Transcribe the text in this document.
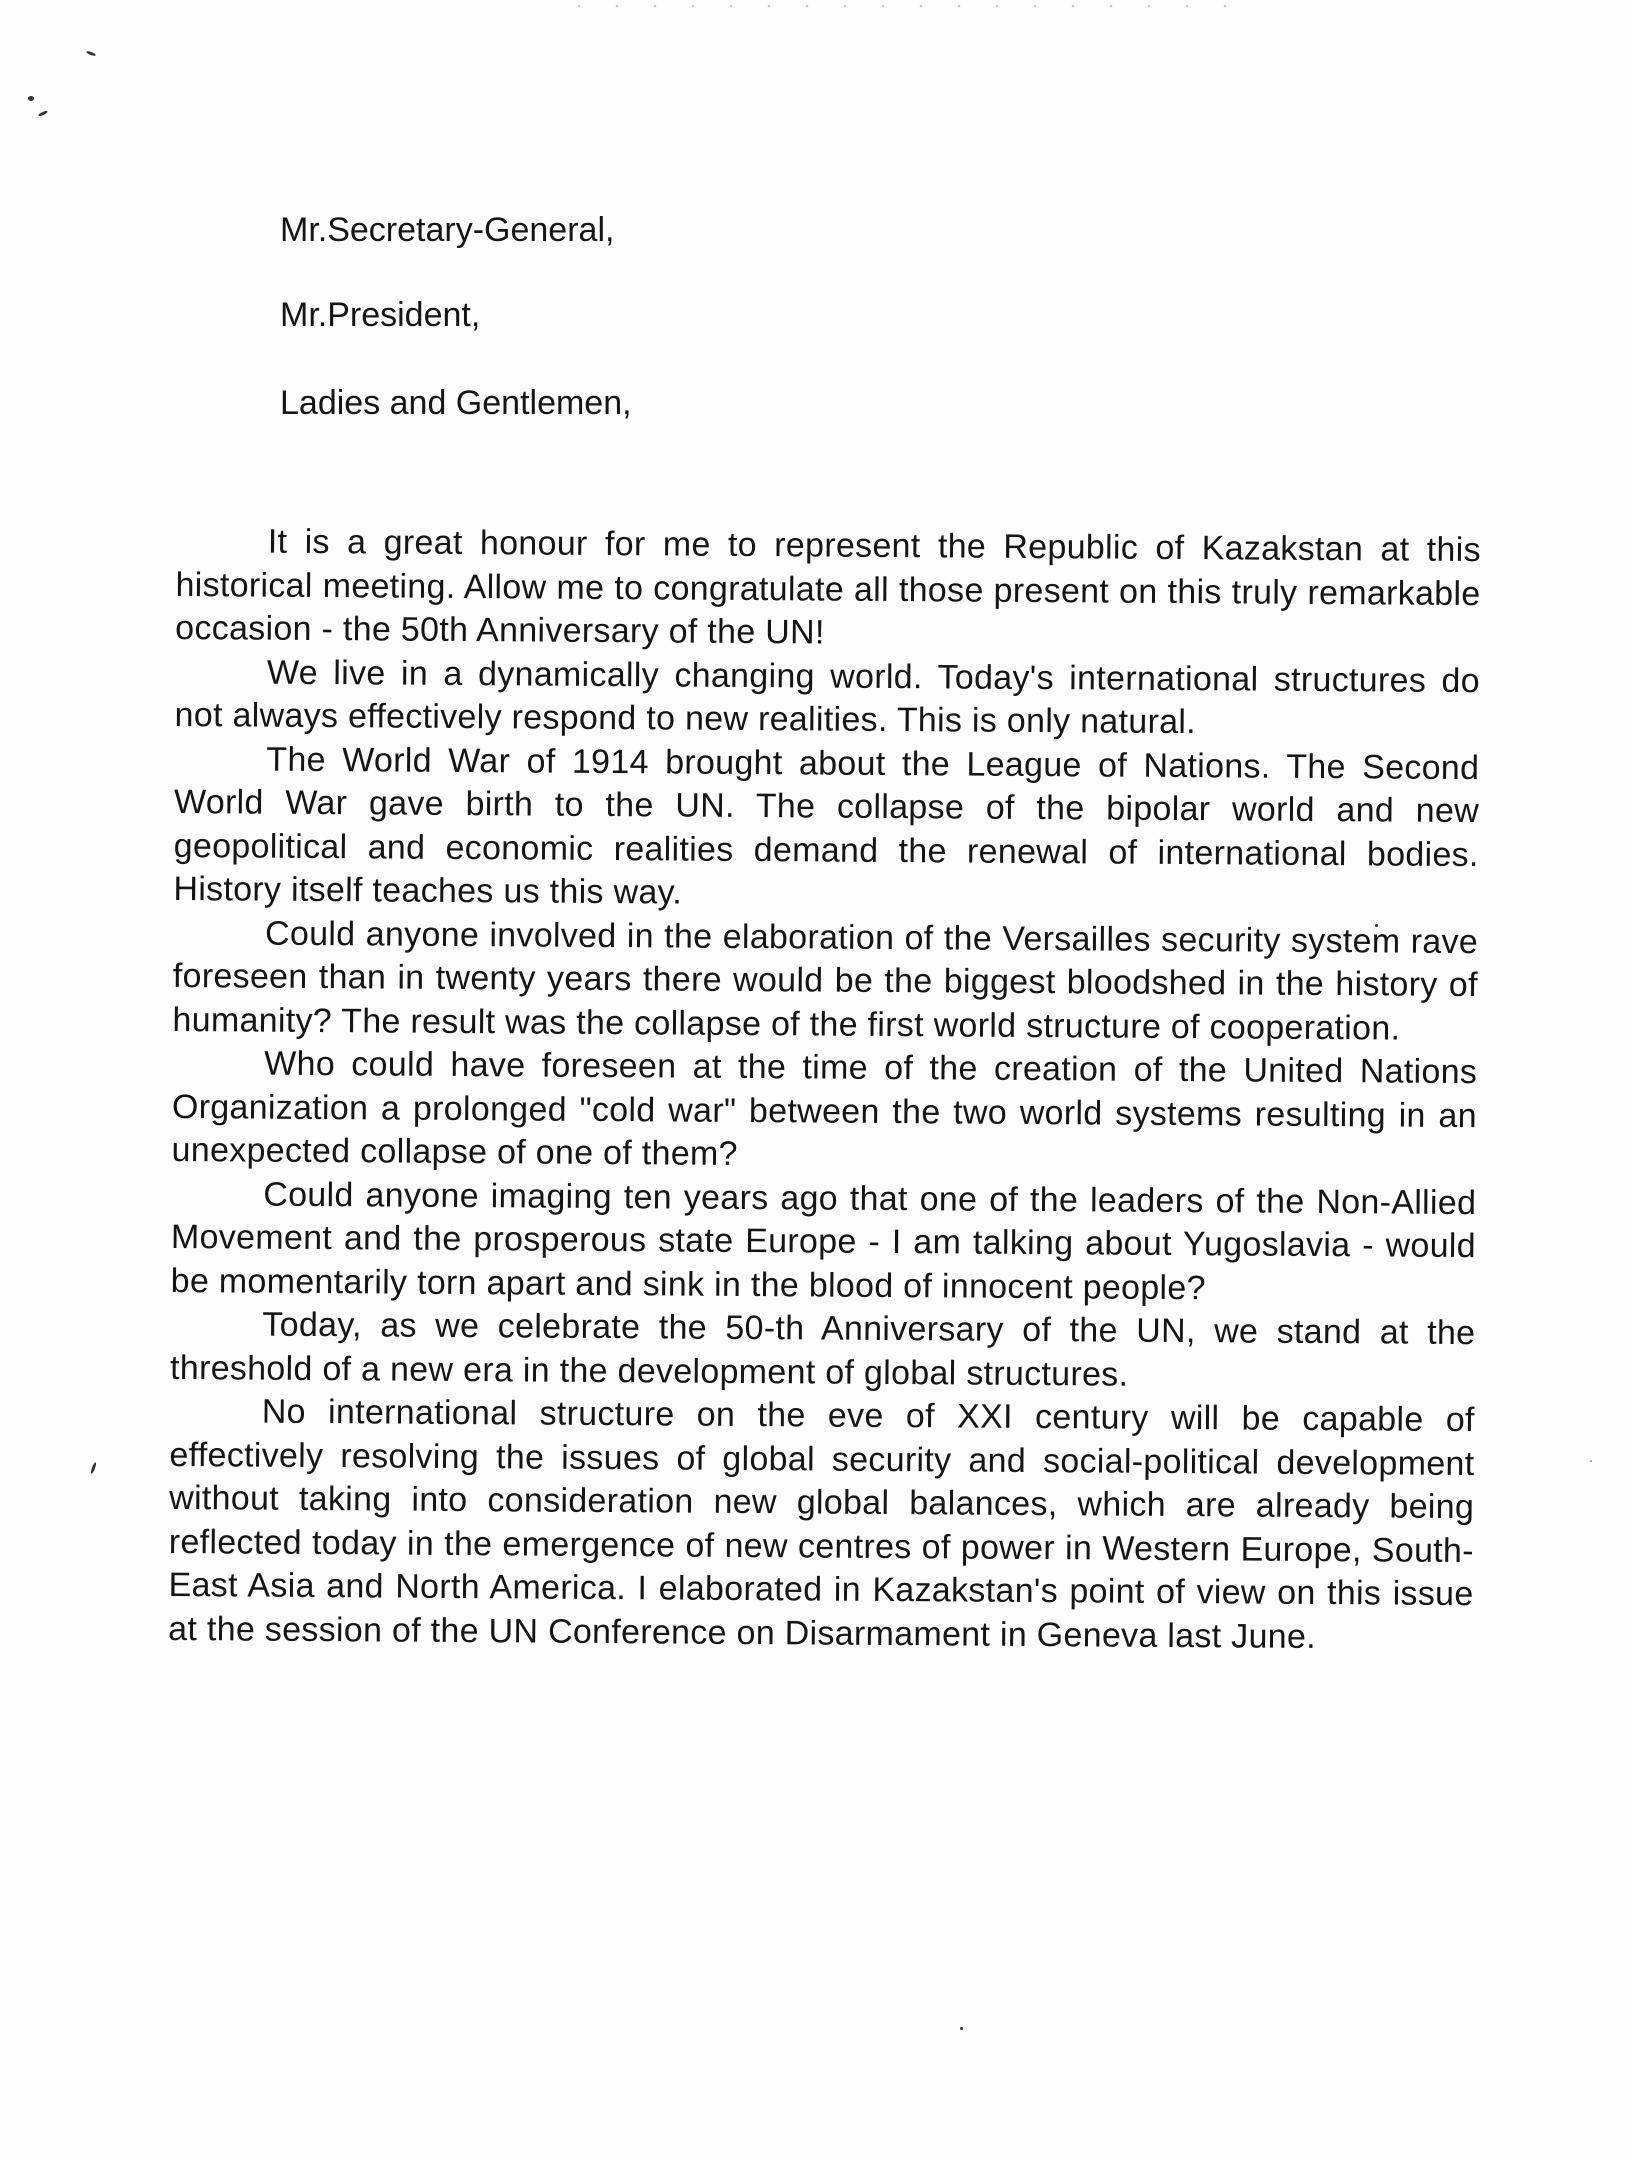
Mr.Secretary-General,
Mr.President,
Ladies and Gentlemen,

It is a great honour for me to represent the Republic of Kazakstan at this historical meeting. Allow me to congratulate all those present on this truly remarkable occasion - the 50th Anniversary of the UN!

We live in a dynamically changing world. Today's international structures do not always effectively respond to new realities. This is only natural.

The World War of 1914 brought about the League of Nations. The Second World War gave birth to the UN. The collapse of the bipolar world and new geopolitical and economic realities demand the renewal of international bodies. History itself teaches us this way.

Could anyone involved in the elaboration of the Versailles security system rave foreseen than in twenty years there would be the biggest bloodshed in the history of humanity? The result was the collapse of the first world structure of cooperation.

Who could have foreseen at the time of the creation of the United Nations Organization a prolonged "cold war" between the two world systems resulting in an unexpected collapse of one of them?

Could anyone imaging ten years ago that one of the leaders of the Non-Allied Movement and the prosperous state Europe - I am talking about Yugoslavia - would be momentarily torn apart and sink in the blood of innocent people?

Today, as we celebrate the 50-th Anniversary of the UN, we stand at the threshold of a new era in the development of global structures.

No international structure on the eve of XXI century will be capable of effectively resolving the issues of global security and social-political development without taking into consideration new global balances, which are already being reflected today in the emergence of new centres of power in Western Europe, South-East Asia and North America. I elaborated in Kazakstan's point of view on this issue at the session of the UN Conference on Disarmament in Geneva last June.
